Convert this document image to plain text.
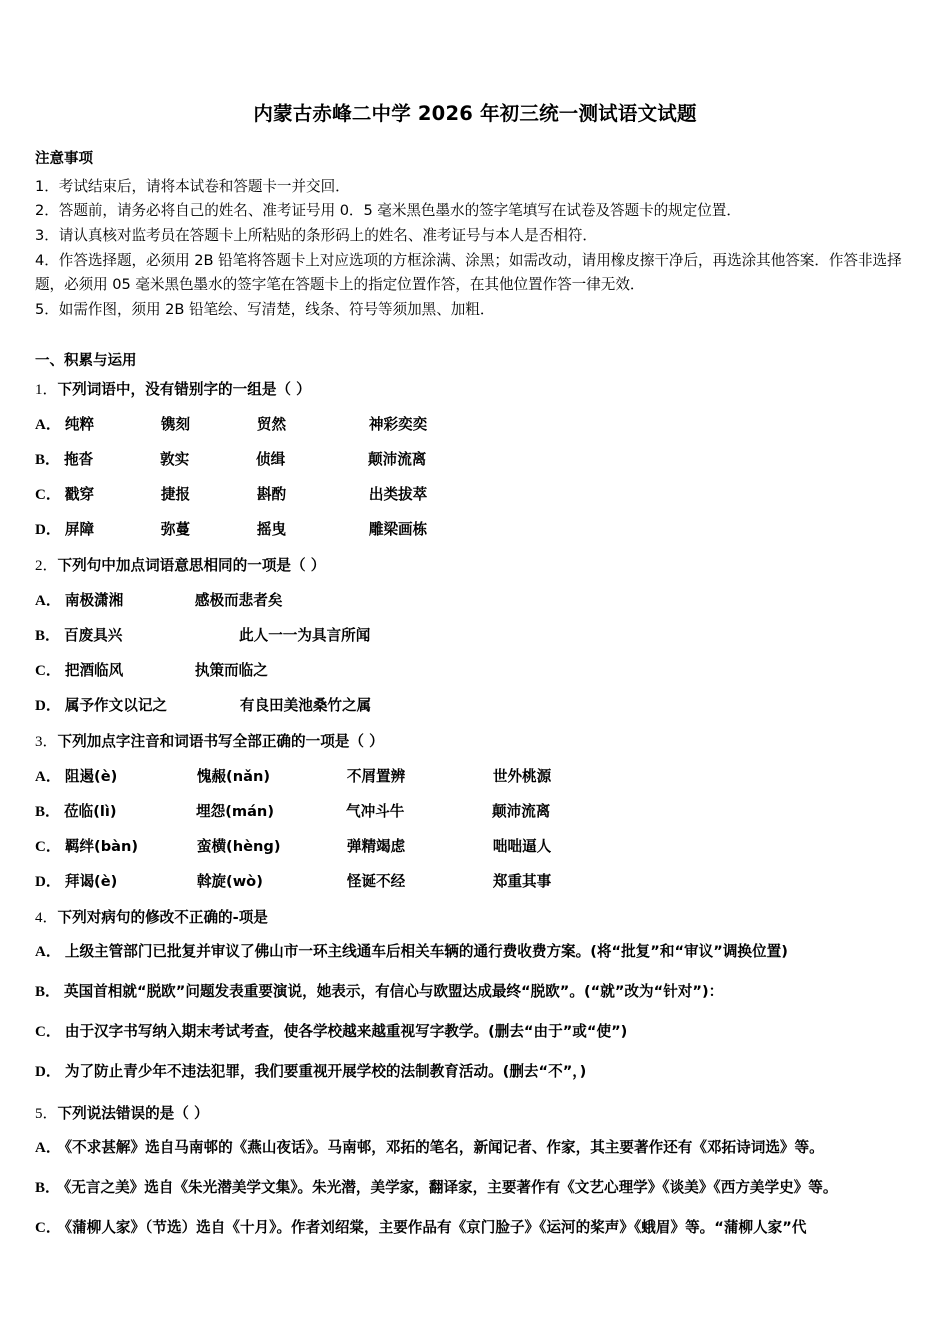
内蒙古赤峰二中学 2026 年初三统一测试语文试题
注意事项
1．考试结束后，请将本试卷和答题卡一并交回．
2．答题前，请务必将自己的姓名、准考证号用 0．5 毫米黑色墨水的签字笔填写在试卷及答题卡的规定位置．
3．请认真核对监考员在答题卡上所粘贴的条形码上的姓名、准考证号与本人是否相符．
4．作答选择题，必须用 2B 铅笔将答题卡上对应选项的方框涂满、涂黑；如需改动，请用橡皮擦干净后，再选涂其他答案．作答非选择题，必须用 05 毫米黑色墨水的签字笔在答题卡上的指定位置作答，在其他位置作答一律无效．
5．如需作图，须用 2B 铅笔绘、写清楚，线条、符号等须加黑、加粗．
一、积累与运用
1．下列词语中，没有错别字的一组是（ ）
A． 纯粹	镌刻	贸然	神彩奕奕
B． 拖沓	敦实	侦缉	颠沛流离
C． 戳穿	捷报	斟酌	出类拔萃
D． 屏障	弥蔓	摇曳	雕梁画栋
2．下列句中加点词语意思相同的一项是（ ）
A． 南极潇湘	感极而悲者矣
B． 百废具兴	此人一一为具言所闻
C． 把酒临风	执策而临之
D． 属予作文以记之	有良田美池桑竹之属
3．下列加点字注音和词语书写全部正确的一项是（ ）
A． 阻遏(è)	愧赧(nǎn)	不屑置辨	世外桃源
B． 莅临(lì)	埋怨(mán)	气冲斗牛	颠沛流离
C． 羁绊(bàn)	蛮横(hèng)	弹精竭虑	咄咄逼人
D． 拜谒(è)	斡旋(wò)	怪诞不经	郑重其事
4．下列对病句的修改不正确的-项是
A． 上级主管部门已批复并审议了佛山市一环主线通车后相关车辆的通行费收费方案。(将“批复”和“审议”调换位置)
B． 英国首相就“脱欧”问题发表重要演说，她表示，有信心与欧盟达成最终“脱欧”。(“就”改为“针对”)：
C． 由于汉字书写纳入期末考试考查，使各学校越来越重视写字教学。(删去“由于”或“使”)
D． 为了防止青少年不违法犯罪，我们要重视开展学校的法制教育活动。(删去“不”，)
5．下列说法错误的是（ ）
A． 《不求甚解》选自马南邨的《燕山夜话》。马南邨，邓拓的笔名，新闻记者、作家，其主要著作还有《邓拓诗词选》等。
B． 《无言之美》选自《朱光潜美学文集》。朱光潜，美学家，翻译家，主要著作有《文艺心理学》《谈美》《西方美学史》等。
C． 《蒲柳人家》（节选）选自《十月》。作者刘绍棠，主要作品有《京门脸子》《运河的桨声》《蛾眉》等。“蒲柳人家”代
